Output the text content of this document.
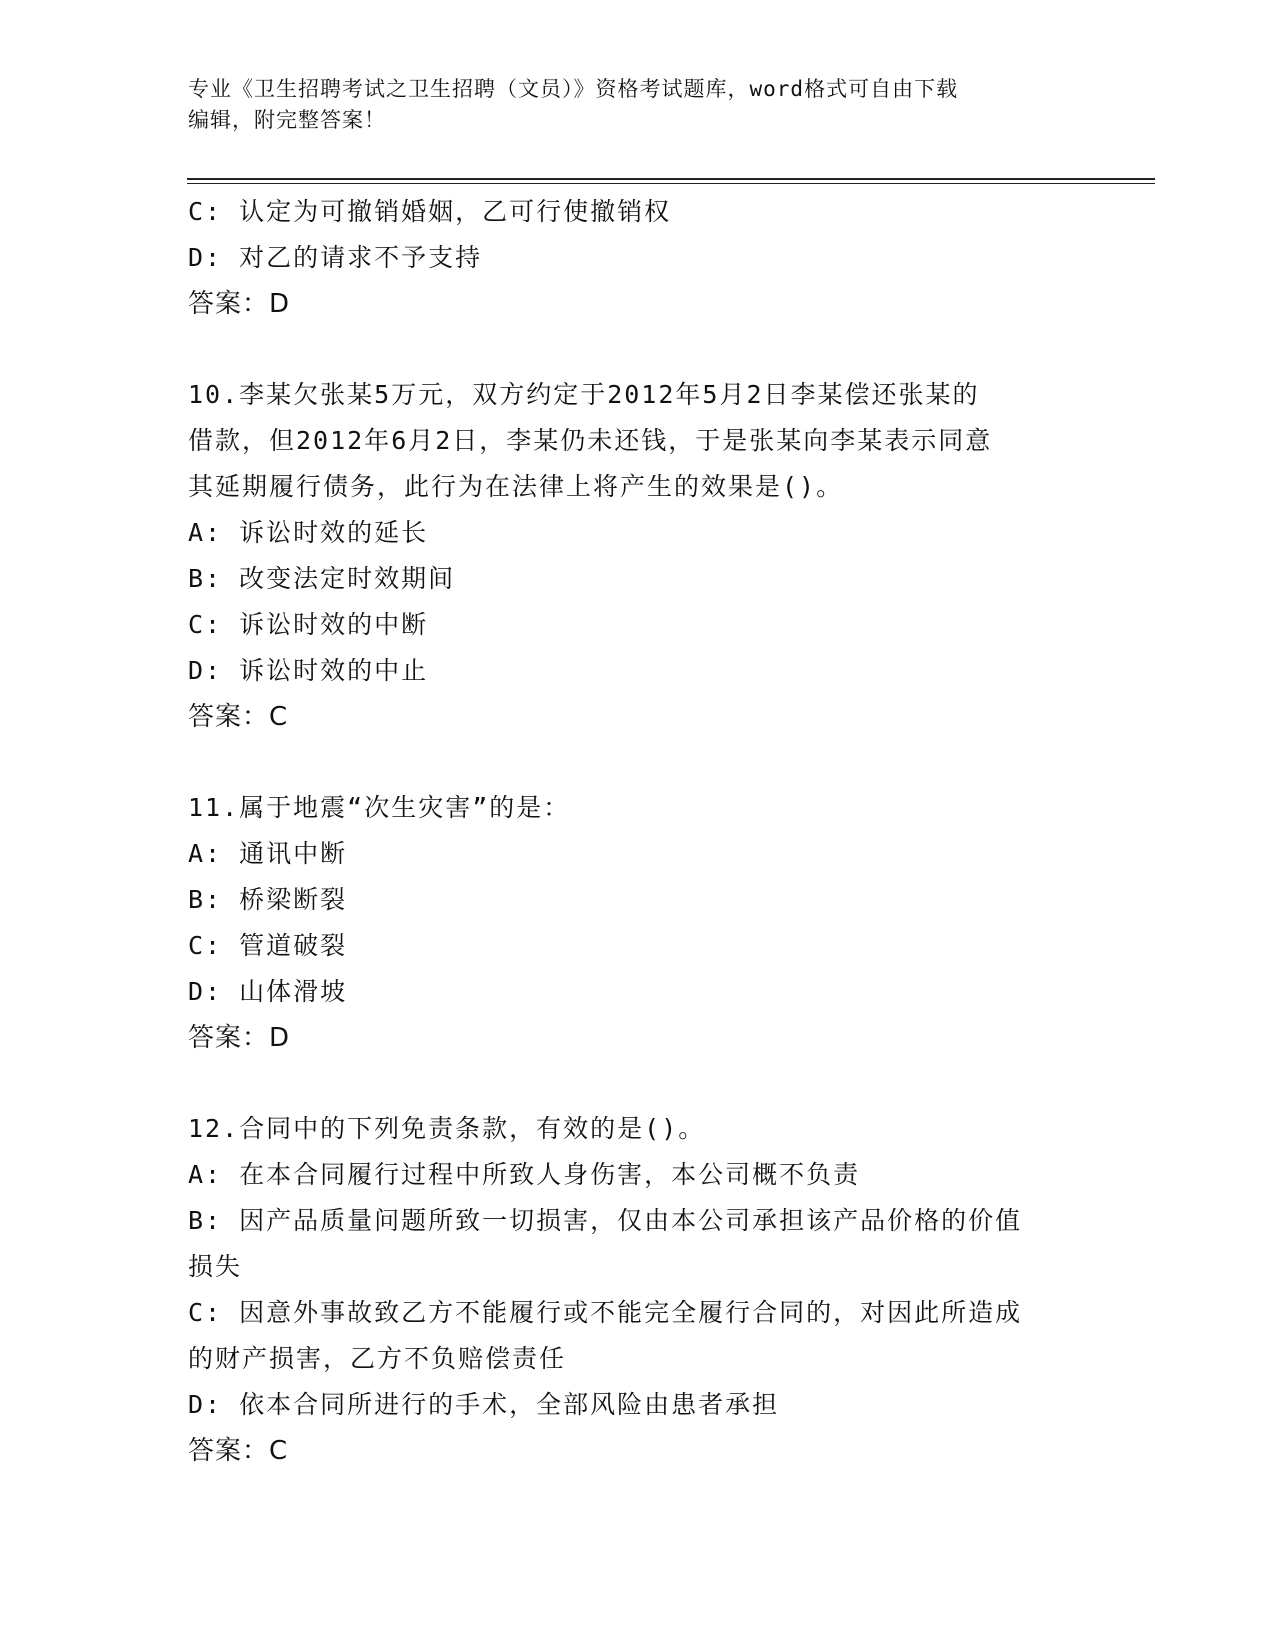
专业《卫生招聘考试之卫生招聘（文员）》资格考试题库，word格式可自由下载
编辑，附完整答案！
C: 认定为可撤销婚姻，乙可行使撤销权
D: 对乙的请求不予支持
答案：D
10.李某欠张某5万元，双方约定于2012年5月2日李某偿还张某的
借款，但2012年6月2日，李某仍未还钱，于是张某向李某表示同意
其延期履行债务，此行为在法律上将产生的效果是()。
A: 诉讼时效的延长
B: 改变法定时效期间
C: 诉讼时效的中断
D: 诉讼时效的中止
答案：C
11.属于地震“次生灾害”的是：
A: 通讯中断
B: 桥梁断裂
C: 管道破裂
D: 山体滑坡
答案：D
12.合同中的下列免责条款，有效的是()。
A: 在本合同履行过程中所致人身伤害，本公司概不负责
B: 因产品质量问题所致一切损害，仅由本公司承担该产品价格的价值
损失
C: 因意外事故致乙方不能履行或不能完全履行合同的，对因此所造成
的财产损害，乙方不负赔偿责任
D: 依本合同所进行的手术，全部风险由患者承担
答案：C
